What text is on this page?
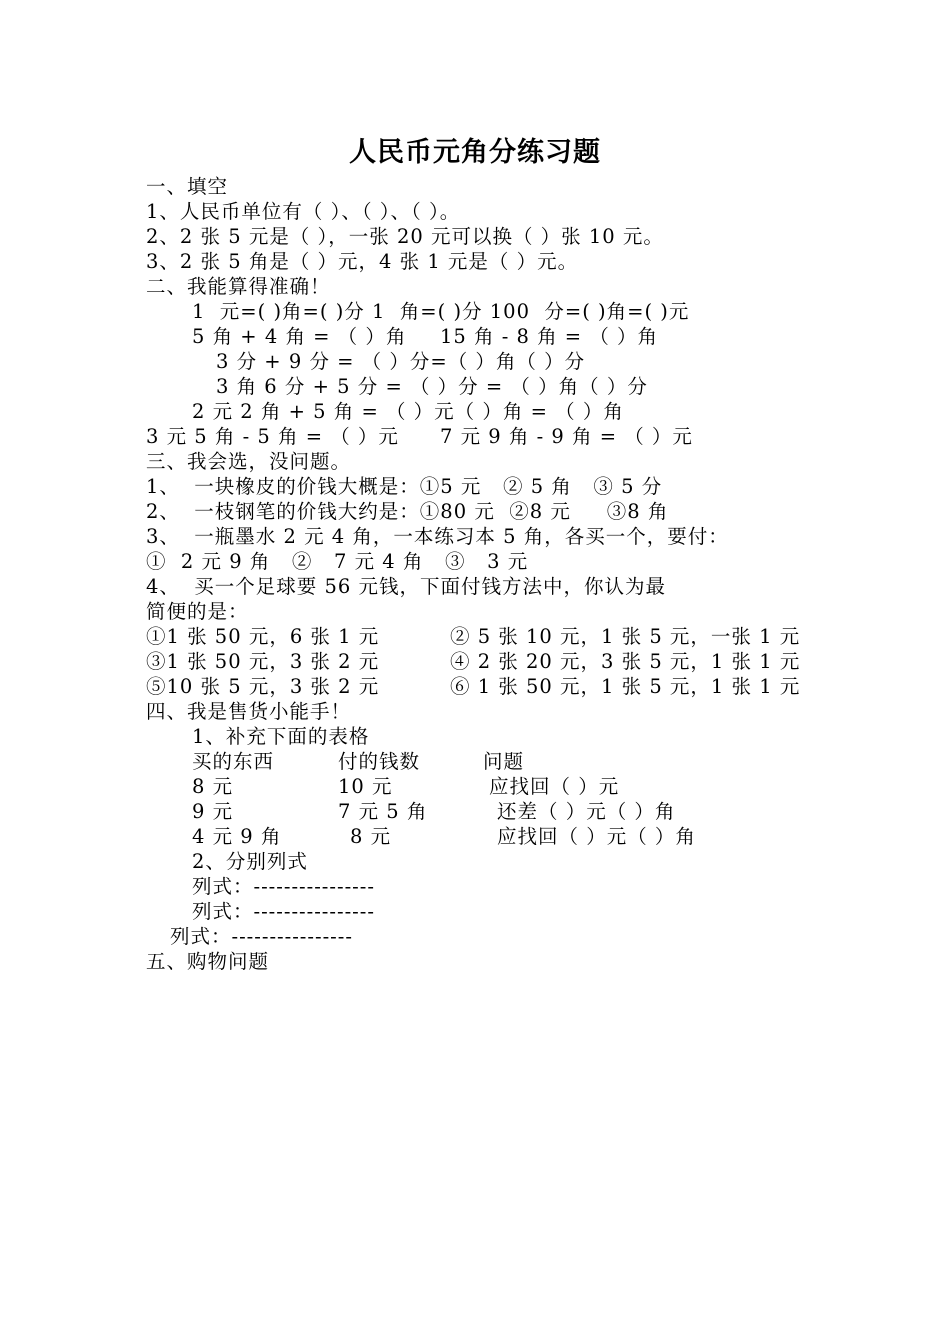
人民币元角分练习题
一、填空
1、人民币单位有（ ）、（ ）、（ ）。
2、2 张 5 元是（ ），一张 20 元可以换（ ）张 10 元。
3、2 张 5 角是（ ）元，4 张 1 元是（ ）元。
二、我能算得准确！
1  元=( )角=( )分 1  角=( )分 100  分=( )角=( )元
5 角 + 4 角 = （ ）角 15 角 - 8 角 = （ ）角
3 分 + 9 分 = （ ）分=（ ）角（ ）分
3 角 6 分 + 5 分 = （ ）分 = （ ）角（ ）分
2 元 2 角 + 5 角 = （ ）元（ ）角 = （ ）角
3 元 5 角 - 5 角 = （ ）元 7 元 9 角 - 9 角 = （ ）元
三、我会选，没问题。
1、  一块橡皮的价钱大概是：①5 元   ② 5 角   ③ 5 分
2、  一枝钢笔的价钱大约是：①80 元  ②8 元     ③8 角
3、  一瓶墨水 2 元 4 角，一本练习本 5 角，各买一个，要付：
①  2 元 9 角   ②   7 元 4 角   ③   3 元
4、  买一个足球要 56 元钱，下面付钱方法中，你认为最
简便的是：
①1 张 50 元，6 张 1 元	② 5 张 10 元，1 张 5 元，一张 1 元
③1 张 50 元，3 张 2 元	④ 2 张 20 元，3 张 5 元，1 张 1 元
⑤10 张 5 元，3 张 2 元	⑥ 1 张 50 元，1 张 5 元，1 张 1 元
四、我是售货小能手！
1、补充下面的表格
买的东西	付的钱数	问题
8 元	10 元	应找回（ ）元
9 元	7 元 5 角	还差（ ）元（ ）角
4 元 9 角	8 元	应找回（ ）元（ ）角
2、分别列式
列式：----------------
列式：----------------
列式：----------------
五、购物问题
